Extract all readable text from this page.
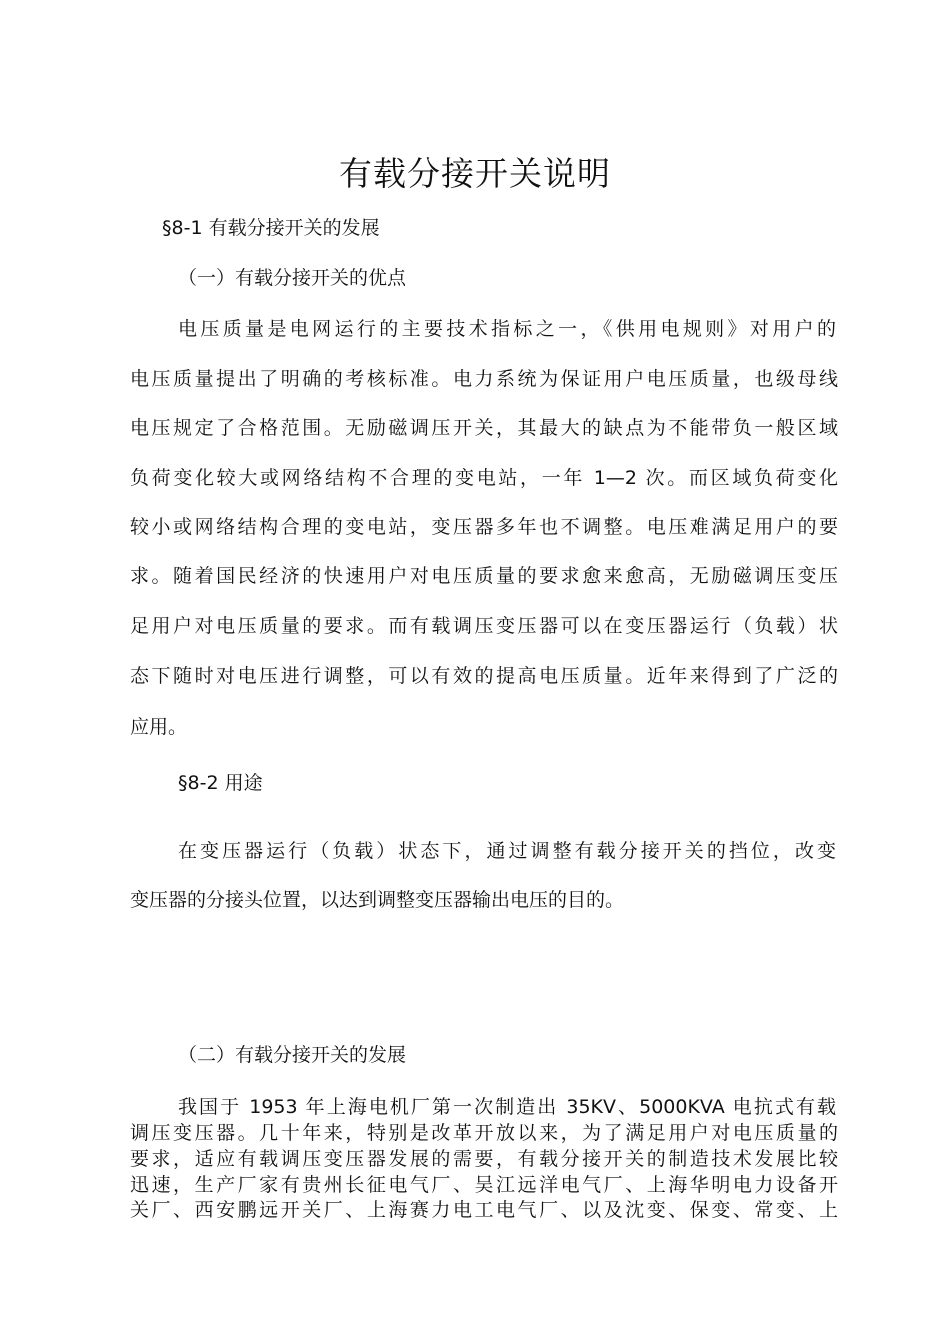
有载分接开关说明
§8-1 有载分接开关的发展
（一）有载分接开关的优点
电压质量是电网运行的主要技术指标之一，《供用电规则》对用户的
电压质量提出了明确的考核标准。电力系统为保证用户电压质量，也级母线
电压规定了合格范围。无励磁调压开关，其最大的缺点为不能带负一般区域
负荷变化较大或网络结构不合理的变电站，一年 1—2 次。而区域负荷变化
较小或网络结构合理的变电站，变压器多年也不调整。电压难满足用户的要
求。随着国民经济的快速用户对电压质量的要求愈来愈高，无励磁调压变压
足用户对电压质量的要求。而有载调压变压器可以在变压器运行（负载）状
态下随时对电压进行调整，可以有效的提高电压质量。近年来得到了广泛的
应用。
§8-2 用途
在变压器运行（负载）状态下，通过调整有载分接开关的挡位，改变
变压器的分接头位置，以达到调整变压器输出电压的目的。
（二）有载分接开关的发展
我国于 1953 年上海电机厂第一次制造出 35KV、5000KVA 电抗式有载
调压变压器。几十年来，特别是改革开放以来，为了满足用户对电压质量的
要求，适应有载调压变压器发展的需要，有载分接开关的制造技术发展比较
迅速，生产厂家有贵州长征电气厂、吴江远洋电气厂、上海华明电力设备开
关厂、西安鹏远开关厂、上海赛力电工电气厂、以及沈变、保变、常变、上
